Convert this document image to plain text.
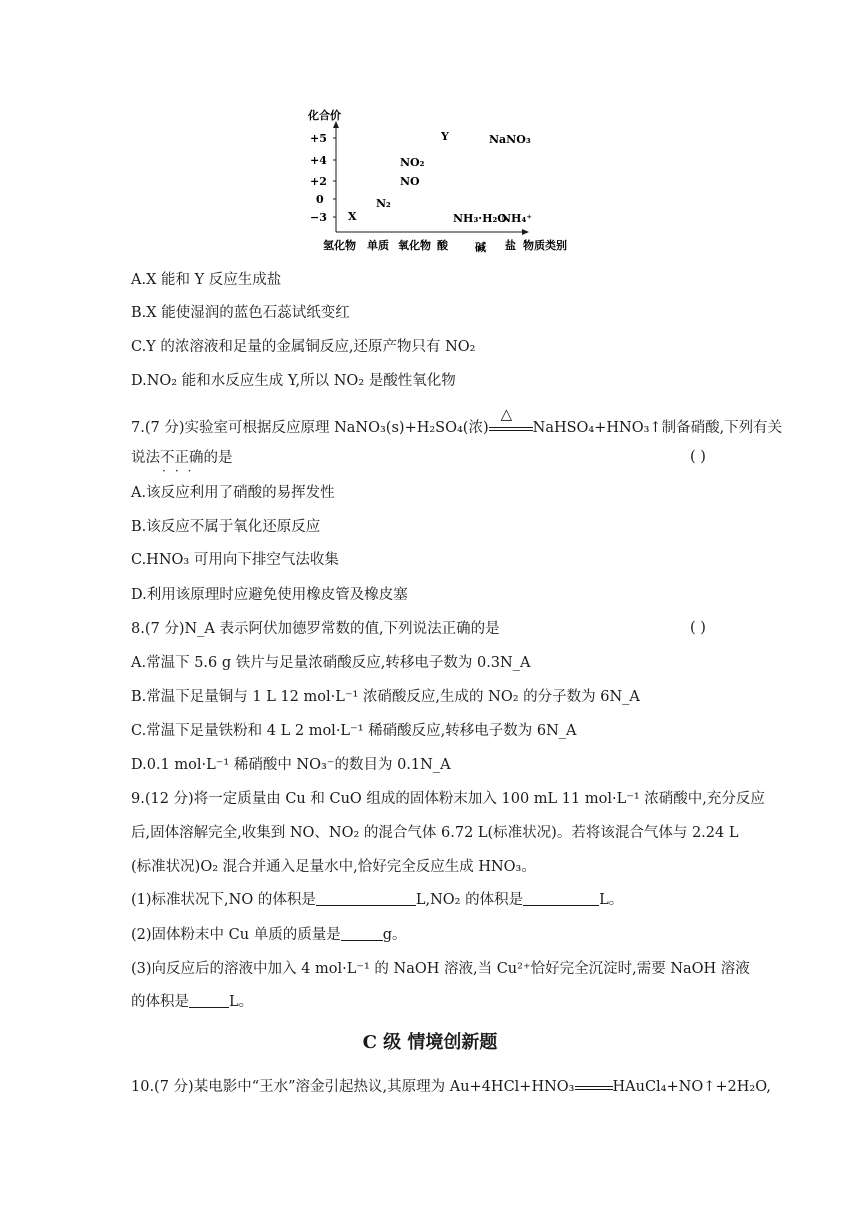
化合价
+5
+4
+2
0
−3
氢化物 单质 氧化物 酸 碱 盐 物质类别
X
N₂
NO₂
NO
Y	NaNO₃
NH₃·H₂O
NH₄⁺
A.X 能和 Y 反应生成盐
B.X 能使湿润的蓝色石蕊试纸变红
C.Y 的浓溶液和足量的金属铜反应,还原产物只有 NO₂
D.NO₂ 能和水反应生成 Y,所以 NO₂ 是酸性氧化物
7.(7 分)实验室可根据反应原理 NaNO₃(s)+H₂SO₄(浓)
△
NaHSO₄+HNO₃↑制备硝酸,下列有关
说法不正确
···
的是	( )
A.该反应利用了硝酸的易挥发性
B.该反应不属于氧化还原反应
C.HNO₃ 可用向下排空气法收集
D.利用该原理时应避免使用橡皮管及橡皮塞
8.(7 分)N_A 表示阿伏加德罗常数的值,下列说法正确的是	( )
A.常温下 5.6 g 铁片与足量浓硝酸反应,转移电子数为 0.3N_A
B.常温下足量铜与 1 L 12 mol·L⁻¹ 浓硝酸反应,生成的 NO₂ 的分子数为 6N_A
C.常温下足量铁粉和 4 L 2 mol·L⁻¹ 稀硝酸反应,转移电子数为 6N_A
D.0.1 mol·L⁻¹ 稀硝酸中 NO₃⁻的数目为 0.1N_A
9.(12 分)将一定质量由 Cu 和 CuO 组成的固体粉末加入 100 mL 11 mol·L⁻¹ 浓硝酸中,充分反应
后,固体溶解完全,收集到 NO、NO₂ 的混合气体 6.72 L(标准状况)。若将该混合气体与 2.24 L
(标准状况)O₂ 混合并通入足量水中,恰好完全反应生成 HNO₃。
(1)标准状况下,NO 的体积是	L,NO₂ 的体积是	L。
(2)固体粉末中 Cu 单质的质量是	g。
(3)向反应后的溶液中加入 4 mol·L⁻¹ 的 NaOH 溶液,当 Cu²⁺恰好完全沉淀时,需要 NaOH 溶液
的体积是	L。
C 级 情境创新题
10.(7 分)某电影中“王水”溶金引起热议,其原理为 Au+4HCl+HNO₃	HAuCl₄+NO↑+2H₂O,
